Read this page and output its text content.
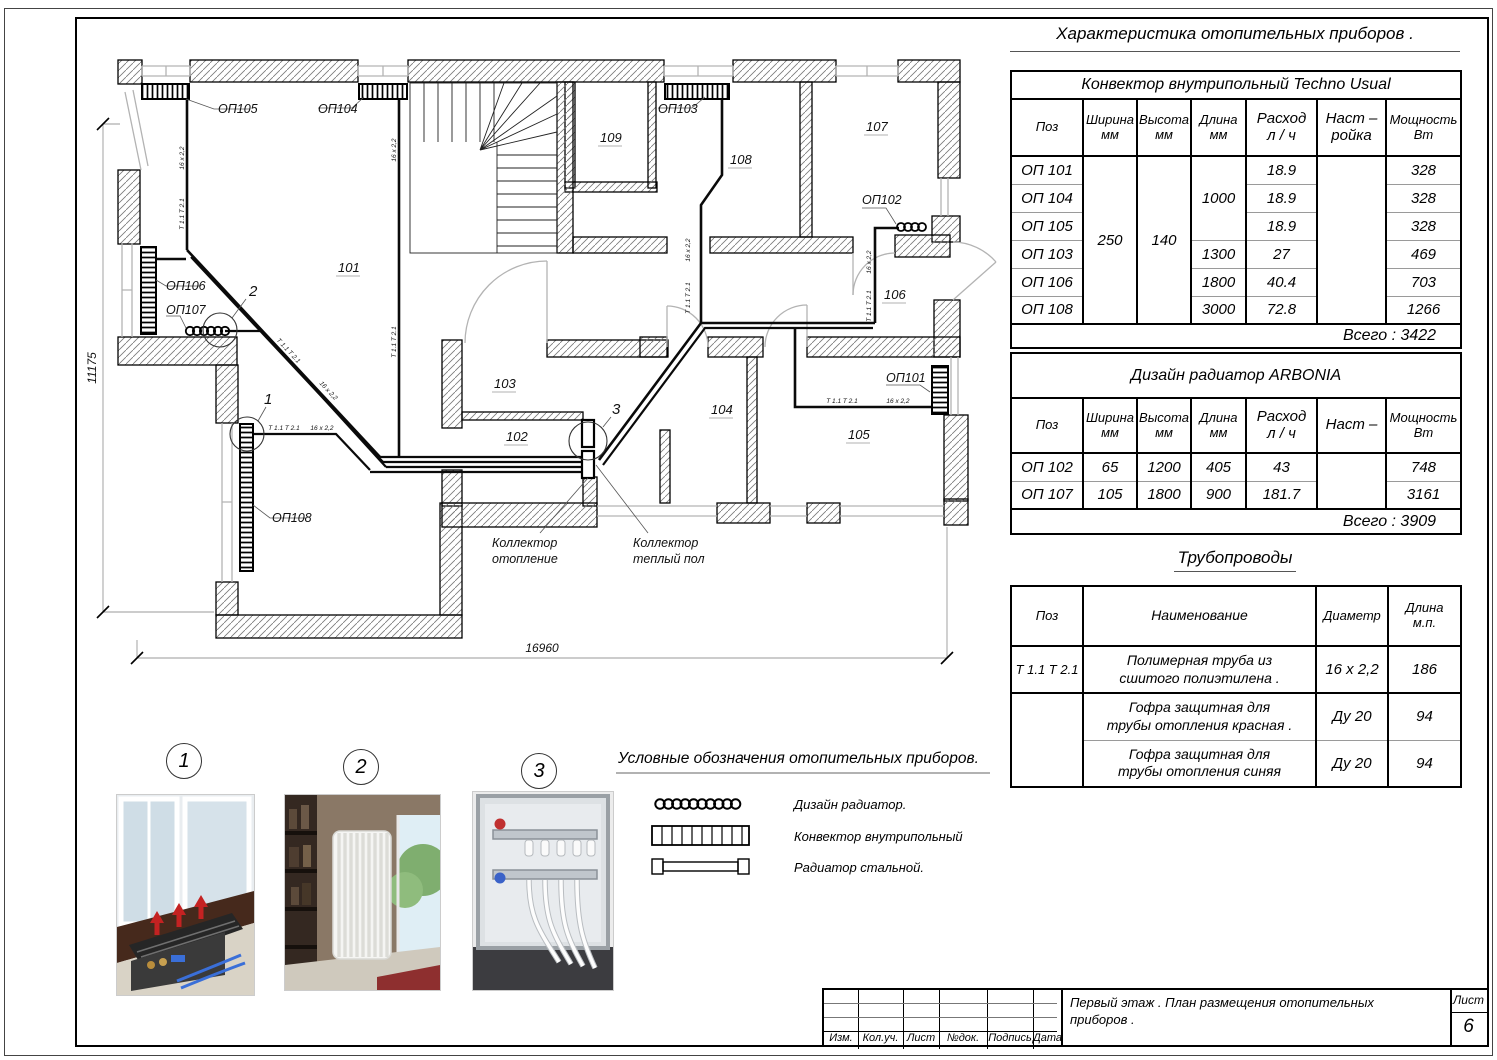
11175
16960
101
102
103
104
105
106
107
108
109
ОП105	ОП104	ОП103
ОП102
ОП101
ОП106
ОП107
ОП108
2
1
3
Коллектор
отопление
Коллектор
теплый пол
16 х 2,2
Т 1.1 Т 2.1
16 х 2,2
Т 1.1 Т 2.1
Т 1.1 Т 2.1
16 х 2,2
Т 1.1 Т 2.1 16 х 2,2
16 х 2,2
Т 1.1 Т 2.1
16 х 2,2
Т 1.1 Т 2.1
Т 1.1 Т 2.1	16 х 2,2
Характеристика отопительных приборов .
Конвектор внутрипольный Techno Usual						
Поз	Ширина
мм

Высота
мм

Длина
мм

Расход
л / ч

Наст –
ройка

Мощность
Вт

ОП 101	250	140	1000	18.9		328
ОП 104				18.9		328
ОП 105				18.9		328
ОП 103			1300	27		469
ОП 106			1800	40.4		703
ОП 108			3000	72.8		1266
Всего : 3422						
Дизайн радиатор ARBONIA						
Поз	Ширина
мм

Высота
мм

Длина
мм

Расход
л / ч	Наст –	Мощность
Вт

ОП 102	65	1200	405	43		748
ОП 107	105	1800	900	181.7		3161
Всего : 3909						
Трубопроводы
Поз	Наименование	Диаметр	Длина
м.п.

Т 1.1 Т 2.1	Полимерная труба из
сшитого полиэтилена .	16 х 2,2	186

	Гофра защитная для
трубы отопления красная .	Ду 20	94

	Гофра защитная для
трубы отопления синяя	Ду 20	94
Условные обозначения отопительных приборов.
Дизайн радиатор.
Конвектор внутрипольный
Радиатор стальной.
1	2	3
Изм. Кол.уч. Лист	№док. Подпись Дата
Первый этаж . План размещения отопительных
приборов .
Лист
6
